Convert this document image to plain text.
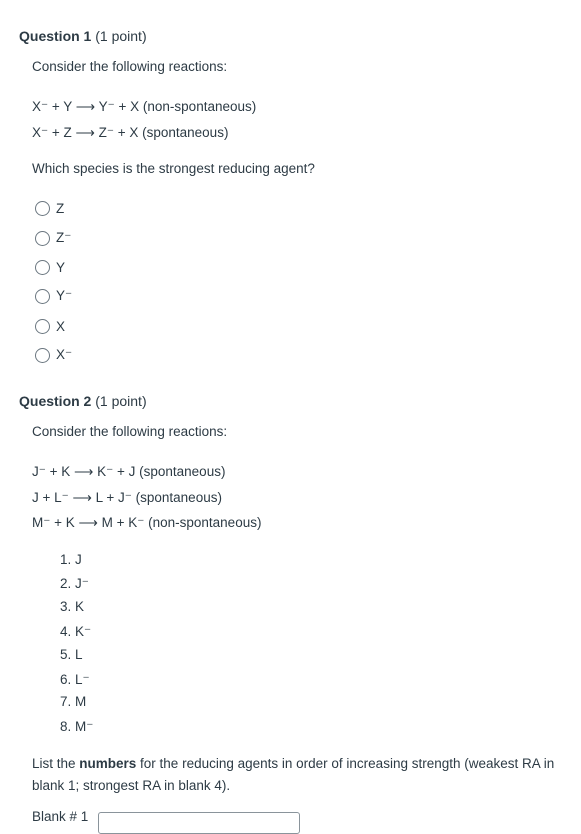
Question 1 (1 point)
Consider the following reactions:
X⁻ + Y ⟶ Y⁻ + X (non-spontaneous)
X⁻ + Z ⟶ Z⁻ + X (spontaneous)
Which species is the strongest reducing agent?
Z
Z⁻
Y
Y⁻
X
X⁻
Question 2 (1 point)
Consider the following reactions:
J⁻ + K ⟶ K⁻ + J (spontaneous)
J + L⁻ ⟶ L + J⁻ (spontaneous)
M⁻ + K ⟶ M + K⁻ (non-spontaneous)
1. J
2. J⁻
3. K
4. K⁻
5. L
6. L⁻
7. M
8. M⁻
List the numbers for the reducing agents in order of increasing strength (weakest RA in blank 1; strongest RA in blank 4).
Blank # 1
